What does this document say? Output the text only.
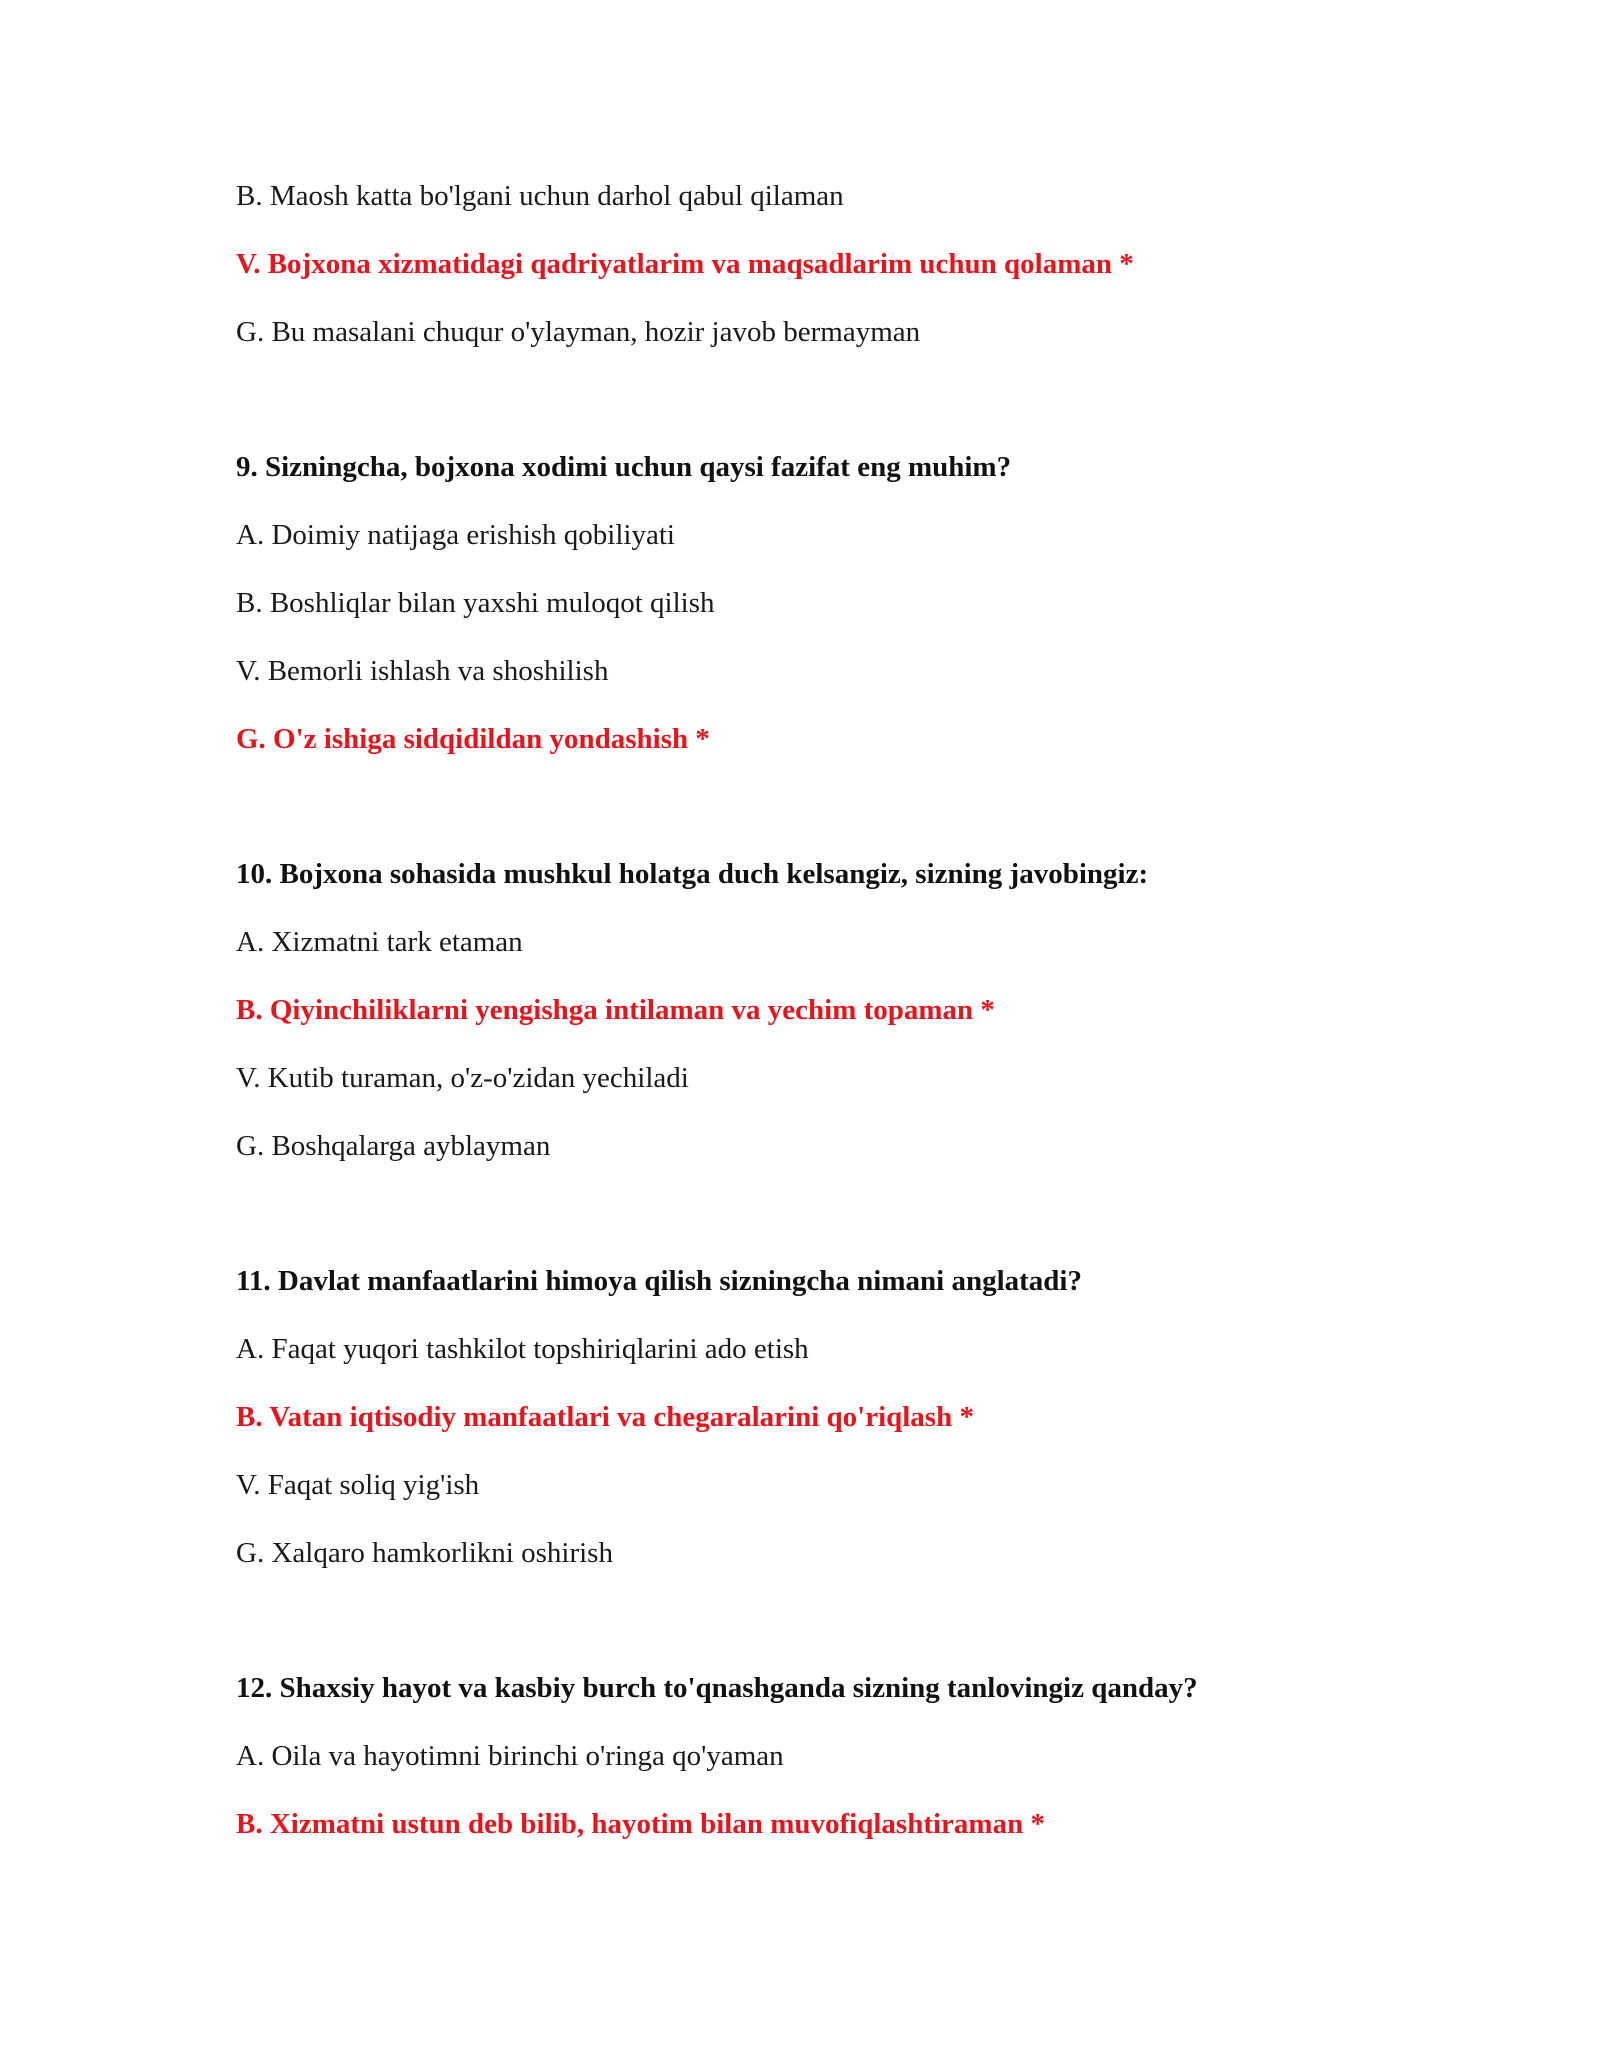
B. Maosh katta bo'lgani uchun darhol qabul qilaman
V. Bojxona xizmatidagi qadriyatlarim va maqsadlarim uchun qolaman *
G. Bu masalani chuqur o'ylayman, hozir javob bermayman
9. Sizningcha, bojxona xodimi uchun qaysi fazifat eng muhim?
A. Doimiy natijaga erishish qobiliyati
B. Boshliqlar bilan yaxshi muloqot qilish
V. Bemorli ishlash va shoshilish
G. O'z ishiga sidqidildan yondashish *
10. Bojxona sohasida mushkul holatga duch kelsangiz, sizning javobingiz:
A. Xizmatni tark etaman
B. Qiyinchiliklarni yengishga intilaman va yechim topaman *
V. Kutib turaman, o'z-o'zidan yechiladi
G. Boshqalarga ayblayman
11. Davlat manfaatlarini himoya qilish sizningcha nimani anglatadi?
A. Faqat yuqori tashkilot topshiriqlarini ado etish
B. Vatan iqtisodiy manfaatlari va chegaralarini qo'riqlash *
V. Faqat soliq yig'ish
G. Xalqaro hamkorlikni oshirish
12. Shaxsiy hayot va kasbiy burch to'qnashganda sizning tanlovingiz qanday?
A. Oila va hayotimni birinchi o'ringa qo'yaman
B. Xizmatni ustun deb bilib, hayotim bilan muvofiqlashtiraman *
